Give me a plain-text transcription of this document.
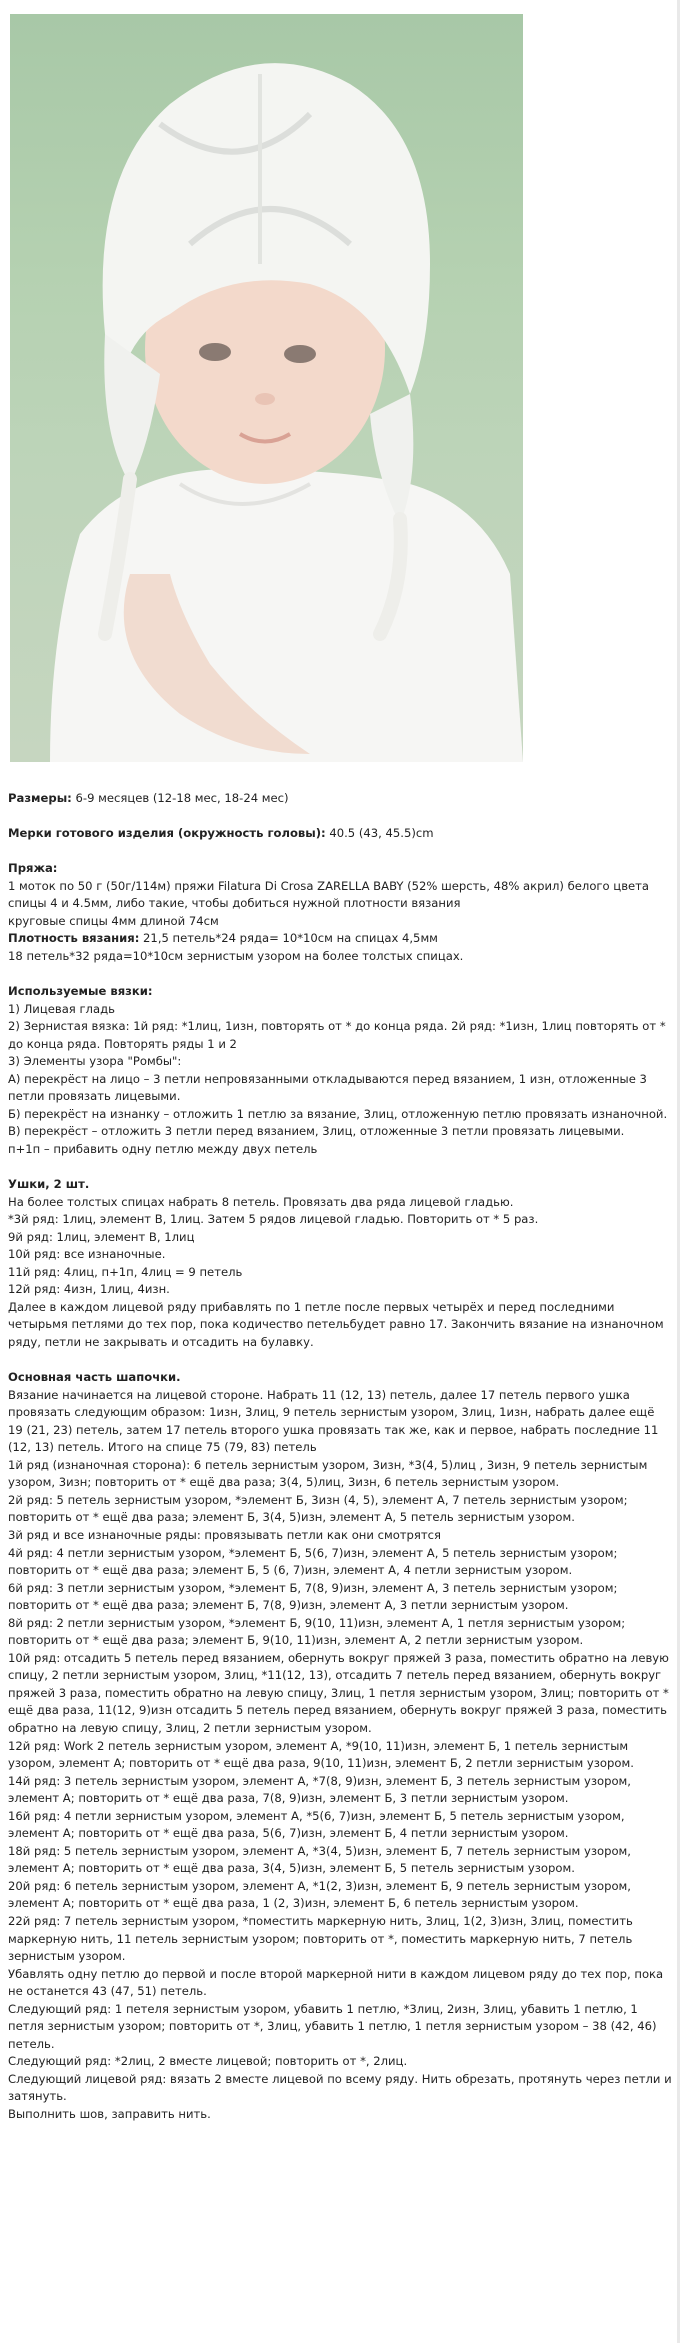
Размеры: 6-9 месяцев (12-18 мес, 18-24 мес)

Мерки готового изделия (окружность головы): 40.5 (43, 45.5)cm

Пряжа:

1 моток по 50 г (50г/114м) пряжи Filatura Di Crosa ZARELLA BABY (52% шерсть, 48% акрил) белого цвета спицы 4 и 4.5мм, либо такие, чтобы добиться нужной плотности вязания

круговые спицы 4мм длиной 74см

Плотность вязания: 21,5 петель*24 ряда= 10*10см на спицах 4,5мм

18 петель*32 ряда=10*10см зернистым узором на более толстых спицах.

Используемые вязки:

1) Лицевая гладь

2) Зернистая вязка: 1й ряд: *1лиц, 1изн, повторять от * до конца ряда. 2й ряд: *1изн, 1лиц повторять от * до конца ряда. Повторять ряды 1 и 2

3) Элементы узора "Ромбы":

А) перекрёст на лицо – 3 петли непровязанными откладываются перед вязанием, 1 изн, отложенные 3 петли провязать лицевыми.

Б) перекрёст на изнанку – отложить 1 петлю за вязание, 3лиц, отложенную петлю провязать изнаночной.

В) перекрёст – отложить 3 петли перед вязанием, 3лиц, отложенные 3 петли провязать лицевыми.

п+1п – прибавить одну петлю между двух петель

Ушки, 2 шт.

На более толстых спицах набрать 8 петель. Провязать два ряда лицевой гладью.

*3й ряд: 1лиц, элемент В, 1лиц. Затем 5 рядов лицевой гладью. Повторить от * 5 раз.

9й ряд: 1лиц, элемент В, 1лиц

10й ряд: все изнаночные.

11й ряд: 4лиц, п+1п, 4лиц = 9 петель

12й ряд: 4изн, 1лиц, 4изн.

Далее в каждом лицевой ряду прибавлять по 1 петле после первых четырёх и перед последними четырьмя петлями до тех пор, пока кодичество петельбудет равно 17. Закончить вязание на изнаночном ряду, петли не закрывать и отсадить на булавку.

Основная часть шапочки.

Вязание начинается на лицевой стороне. Набрать 11 (12, 13) петель, далее 17 петель первого ушка провязать следующим образом: 1изн, 3лиц, 9 петель зернистым узором, 3лиц, 1изн, набрать далее ещё 19 (21, 23) петель, затем 17 петель второго ушка провязать так же, как и первое, набрать последние 11 (12, 13) петель. Итого на спице 75 (79, 83) петель

1й ряд (изнаночная сторона): 6 петель зернистым узором, 3изн, *3(4, 5)лиц , 3изн, 9 петель зернистым узором, 3изн; повторить от * ещё два раза; 3(4, 5)лиц, 3изн, 6 петель зернистым узором.

2й ряд: 5 петель зернистым узором, *элемент Б, 3изн (4, 5), элемент А, 7 петель зернистым узором; повторить от * ещё два раза; элемент Б, 3(4, 5)изн, элемент А, 5 петель зернистым узором.

3й ряд и все изнаночные ряды: провязывать петли как они смотрятся

4й ряд: 4 петли зернистым узором, *элемент Б, 5(6, 7)изн, элемент А, 5 петель зернистым узором; повторить от * ещё два раза; элемент Б, 5 (6, 7)изн, элемент А, 4 петли зернистым узором.

6й ряд: 3 петли зернистым узором, *элемент Б, 7(8, 9)изн, элемент А, 3 петель зернистым узором; повторить от * ещё два раза; элемент Б, 7(8, 9)изн, элемент А, 3 петли зернистым узором.

8й ряд: 2 петли зернистым узором, *элемент Б, 9(10, 11)изн, элемент А, 1 петля зернистым узором; повторить от * ещё два раза; элемент Б, 9(10, 11)изн, элемент А, 2 петли зернистым узором.

10й ряд: отсадить 5 петель перед вязанием, обернуть вокруг пряжей 3 раза, поместить обратно на левую спицу, 2 петли зернистым узором, 3лиц, *11(12, 13), отсадить 7 петель перед вязанием, обернуть вокруг пряжей 3 раза, поместить обратно на левую спицу, 3лиц, 1 петля зернистым узором, 3лиц; повторить от * ещё два раза, 11(12, 9)изн отсадить 5 петель перед вязанием, обернуть вокруг пряжей 3 раза, поместить обратно на левую спицу, 3лиц, 2 петли зернистым узором.

12й ряд: Work 2 петель зернистым узором, элемент А, *9(10, 11)изн, элемент Б, 1 петель зернистым узором, элемент А; повторить от * ещё два раза, 9(10, 11)изн, элемент Б, 2 петли зернистым узором.

14й ряд: 3 петель зернистым узором, элемент А, *7(8, 9)изн, элемент Б, 3 петель зернистым узором, элемент А; повторить от * ещё два раза, 7(8, 9)изн, элемент Б, 3 петли зернистым узором.

16й ряд: 4 петли зернистым узором, элемент А, *5(6, 7)изн, элемент Б, 5 петель зернистым узором, элемент А; повторить от * ещё два раза, 5(6, 7)изн, элемент Б, 4 петли зернистым узором.

18й ряд: 5 петель зернистым узором, элемент А, *3(4, 5)изн, элемент Б, 7 петель зернистым узором, элемент А; повторить от * ещё два раза, 3(4, 5)изн, элемент Б, 5 петель зернистым узором.

20й ряд: 6 петель зернистым узором, элемент А, *1(2, 3)изн, элемент Б, 9 петель зернистым узором, элемент А; повторить от * ещё два раза, 1 (2, 3)изн, элемент Б, 6 петель зернистым узором.

22й ряд: 7 петель зернистым узором, *поместить маркерную нить, 3лиц, 1(2, 3)изн, 3лиц, поместить маркерную нить, 11 петель зернистым узором; повторить от *, поместить маркерную нить, 7 петель зернистым узором.

Убавлять одну петлю до первой и после второй маркерной нити в каждом лицевом ряду до тех пор, пока не останется 43 (47, 51) петель.

Следующий ряд: 1 петеля зернистым узором, убавить 1 петлю, *3лиц, 2изн, 3лиц, убавить 1 петлю, 1 петля зернистым узором; повторить от *, 3лиц, убавить 1 петлю, 1 петля зернистым узором – 38 (42, 46) петель.

Следующий ряд: *2лиц, 2 вместе лицевой; повторить от *, 2лиц.

Следующий лицевой ряд: вязать 2 вместе лицевой по всему ряду. Нить обрезать, протянуть через петли и затянуть.

Выполнить шов, заправить нить.
